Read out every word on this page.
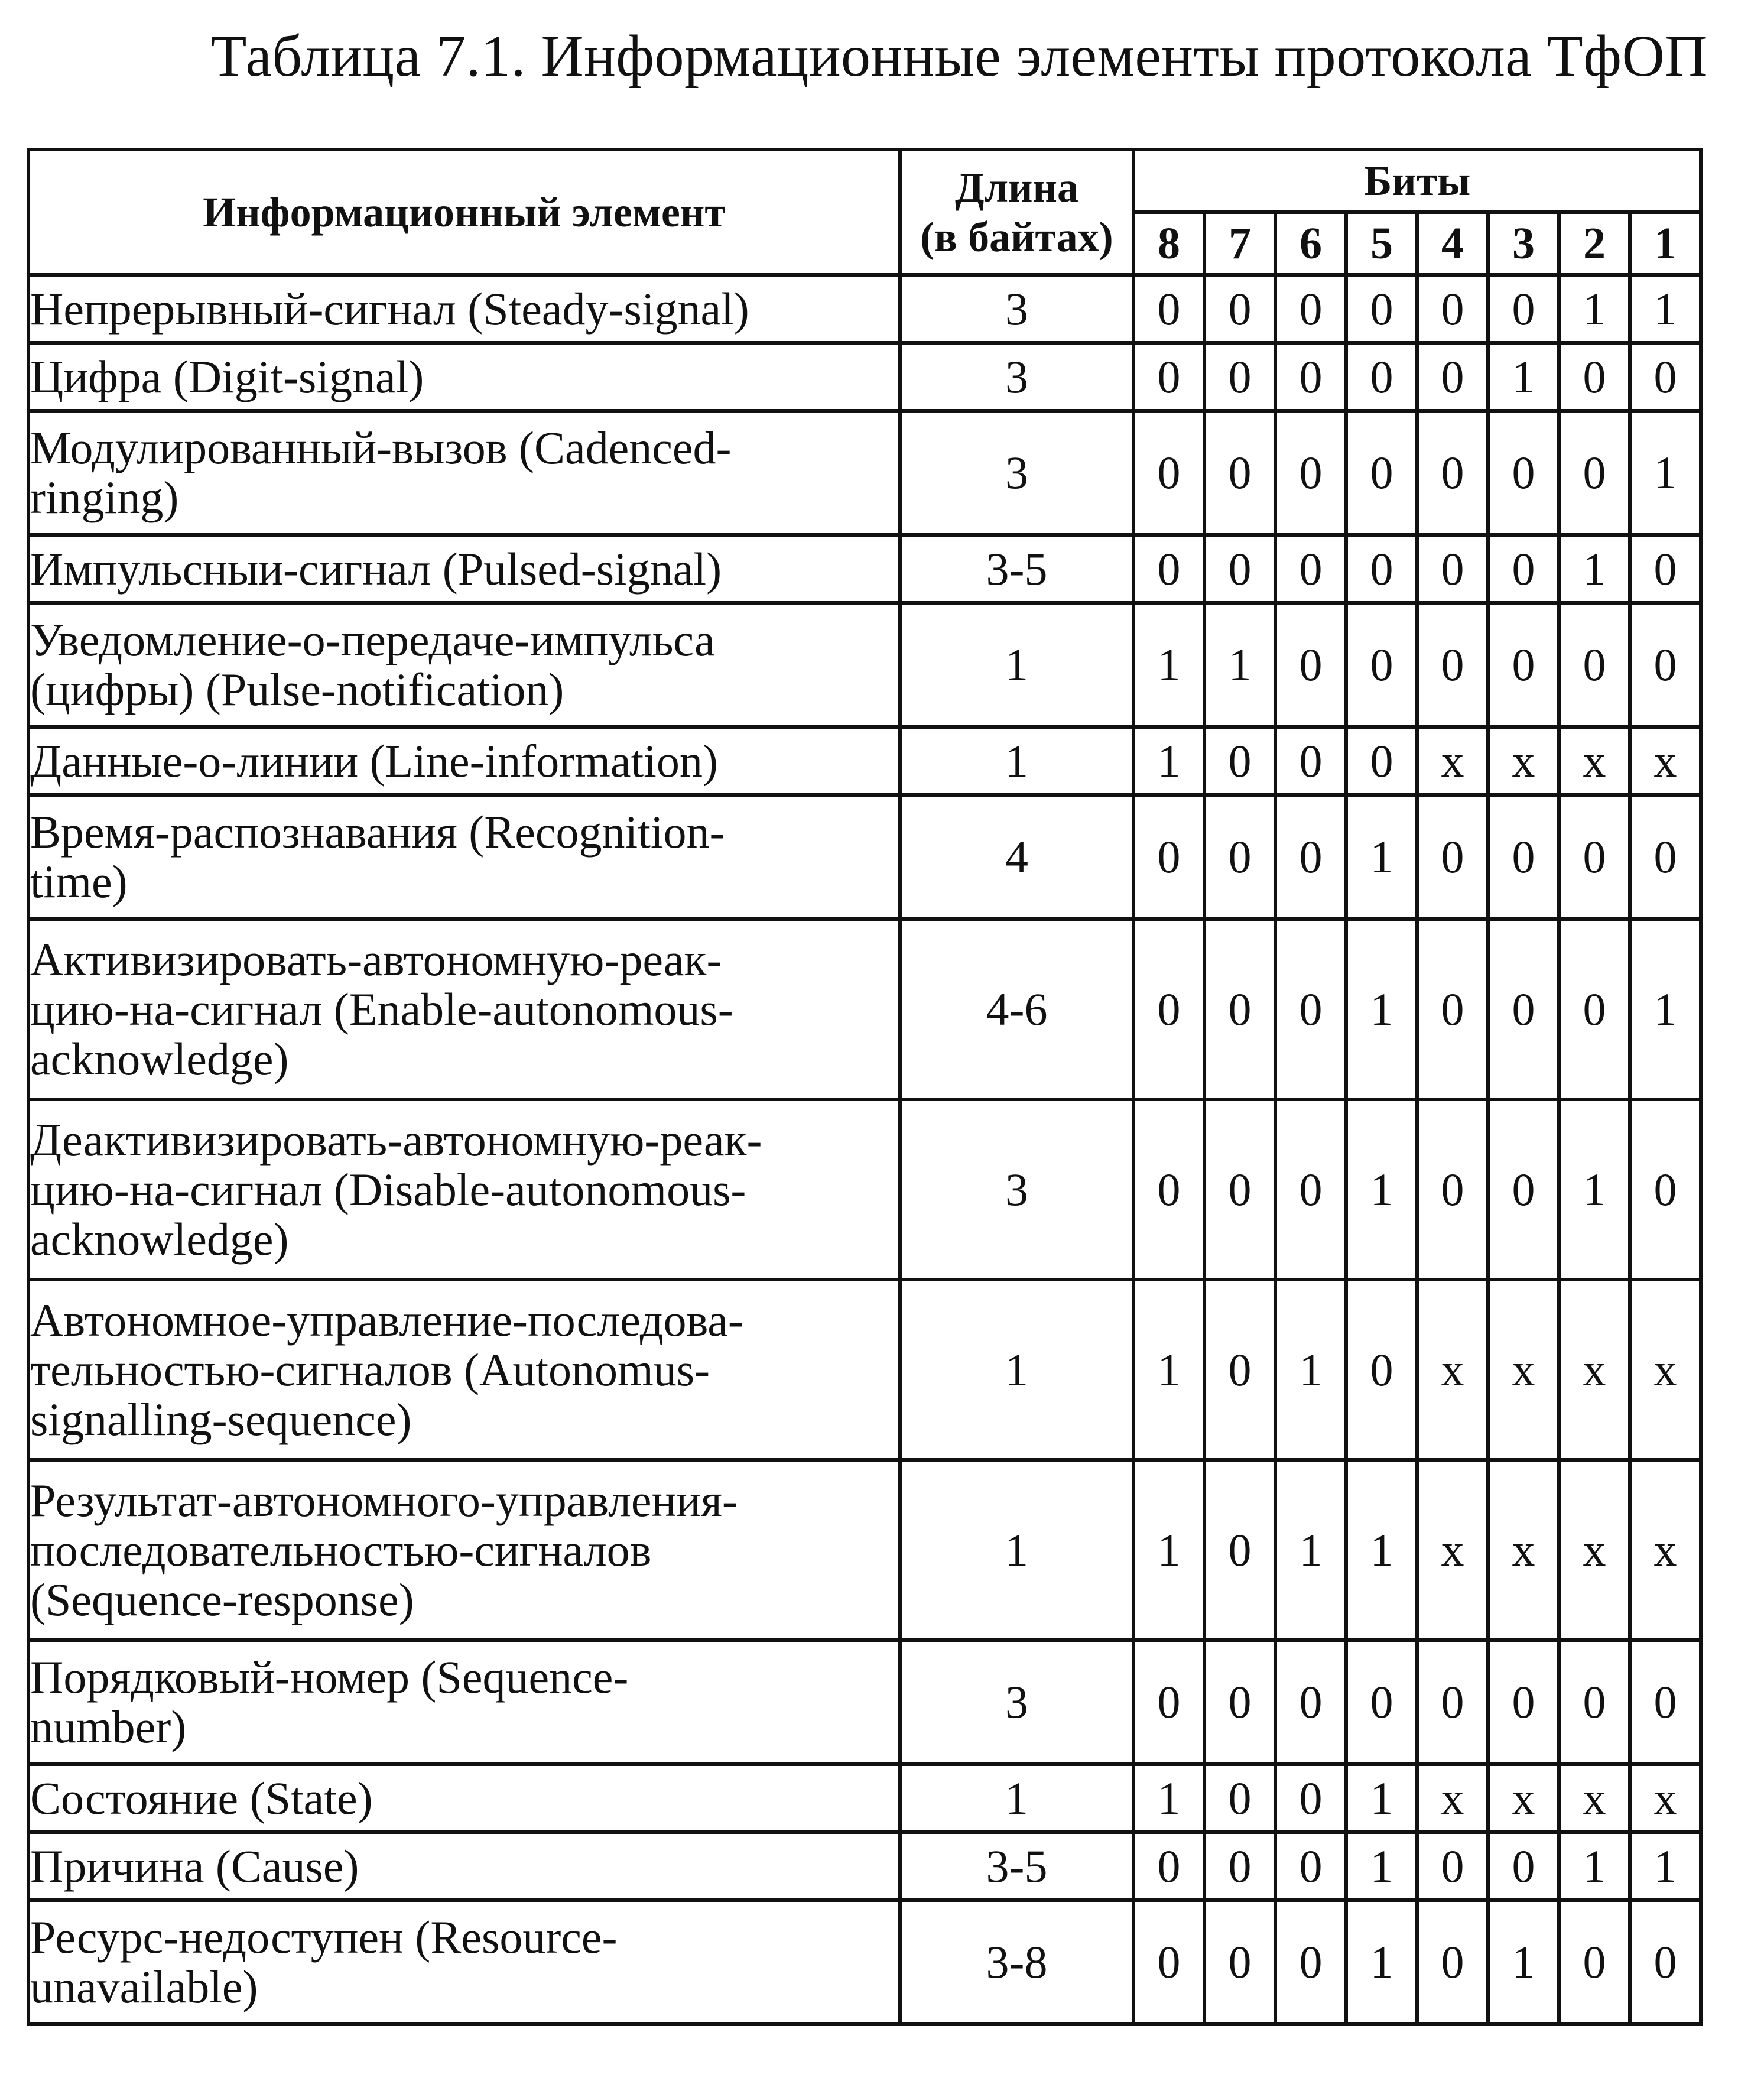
Таблица 7.1. Информационные элементы протокола ТфОП
Информационный элемент	Длина
(в байтах)	Биты							
		8	7	6	5	4	3	2	1
Непрерывный-сигнал (Steady-signal)	3	0	0	0	0	0	0	1	1
Цифра (Digit-signal)	3	0	0	0	0	0	1	0	0
Модулированный-вызов (Cadenced-
ringing)	3	0	0	0	0	0	0	0	1
Импульсныи-сигнал (Pulsed-signal)	3-5	0	0	0	0	0	0	1	0
Уведомление-о-передаче-импульса
(цифры) (Pulse-notification)	1	1	1	0	0	0	0	0	0
Данные-о-линии (Line-information)	1	1	0	0	0	x	x	x	x
Время-распознавания (Recognition-
time)	4	0	0	0	1	0	0	0	0
Активизировать-автономную-реак-
цию-на-сигнал (Enable-autonomous-
acknowledge)	4-6	0	0	0	1	0	0	0	1
Деактивизировать-автономную-реак-
цию-на-сигнал (Disable-autonomous-
acknowledge)	3	0	0	0	1	0	0	1	0
Автономное-управление-последова-
тельностью-сигналов (Autonomus-
signalling-sequence)	1	1	0	1	0	x	x	x	x
Результат-автономного-управления-
последовательностью-сигналов
(Sequence-response)	1	1	0	1	1	x	x	x	x
Порядковый-номер (Sequence-
number)	3	0	0	0	0	0	0	0	0
Состояние (State)	1	1	0	0	1	x	x	x	x
Причина (Cause)	3-5	0	0	0	1	0	0	1	1
Ресурс-недоступен (Resource-
unavailable)	3-8	0	0	0	1	0	1	0	0
